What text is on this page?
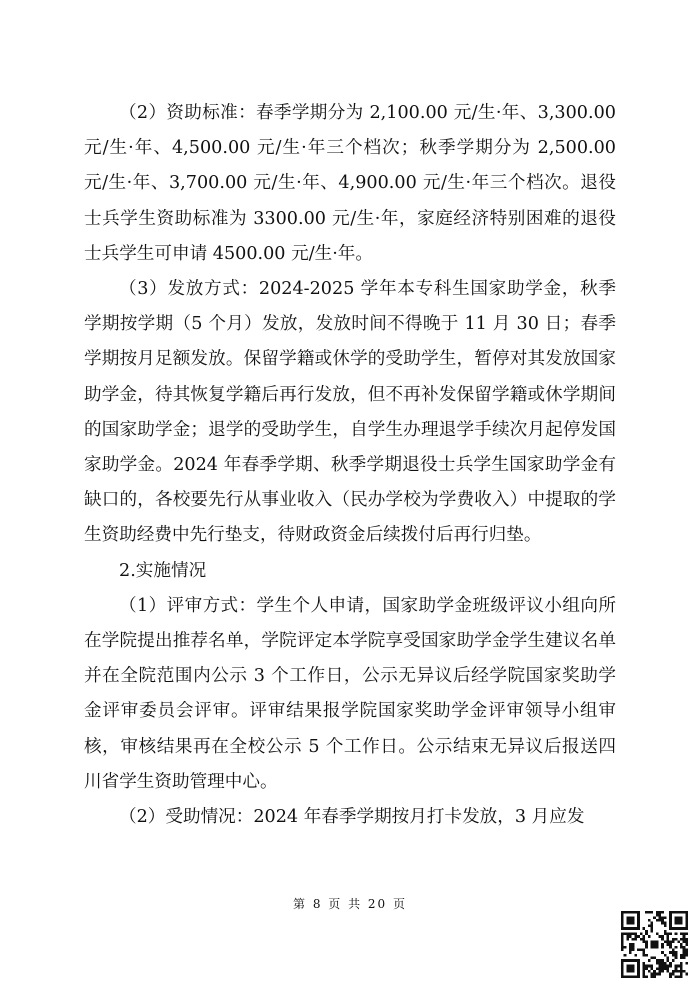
（2）资助标准：春季学期分为 2,100.00 元/生·年、3,300.00 元/生·年、4,500.00 元/生·年三个档次；秋季学期分为 2,500.00 元/生·年、3,700.00 元/生·年、4,900.00 元/生·年三个档次。退役士兵学生资助标准为 3300.00 元/生·年，家庭经济特别困难的退役士兵学生可申请 4500.00 元/生·年。

（3）发放方式：2024-2025 学年本专科生国家助学金，秋季学期按学期（5 个月）发放，发放时间不得晚于 11 月 30 日；春季学期按月足额发放。保留学籍或休学的受助学生，暂停对其发放国家助学金，待其恢复学籍后再行发放，但不再补发保留学籍或休学期间的国家助学金；退学的受助学生，自学生办理退学手续次月起停发国家助学金。2024 年春季学期、秋季学期退役士兵学生国家助学金有缺口的，各校要先行从事业收入（民办学校为学费收入）中提取的学生资助经费中先行垫支，待财政资金后续拨付后再行归垫。

2.实施情况

（1）评审方式：学生个人申请，国家助学金班级评议小组向所在学院提出推荐名单，学院评定本学院享受国家助学金学生建议名单并在全院范围内公示 3 个工作日，公示无异议后经学院国家奖助学金评审委员会评审。评审结果报学院国家奖助学金评审领导小组审核，审核结果再在全校公示 5 个工作日。公示结束无异议后报送四川省学生资助管理中心。

（2）受助情况：2024 年春季学期按月打卡发放，3 月应发

第 8 页 共 20 页
